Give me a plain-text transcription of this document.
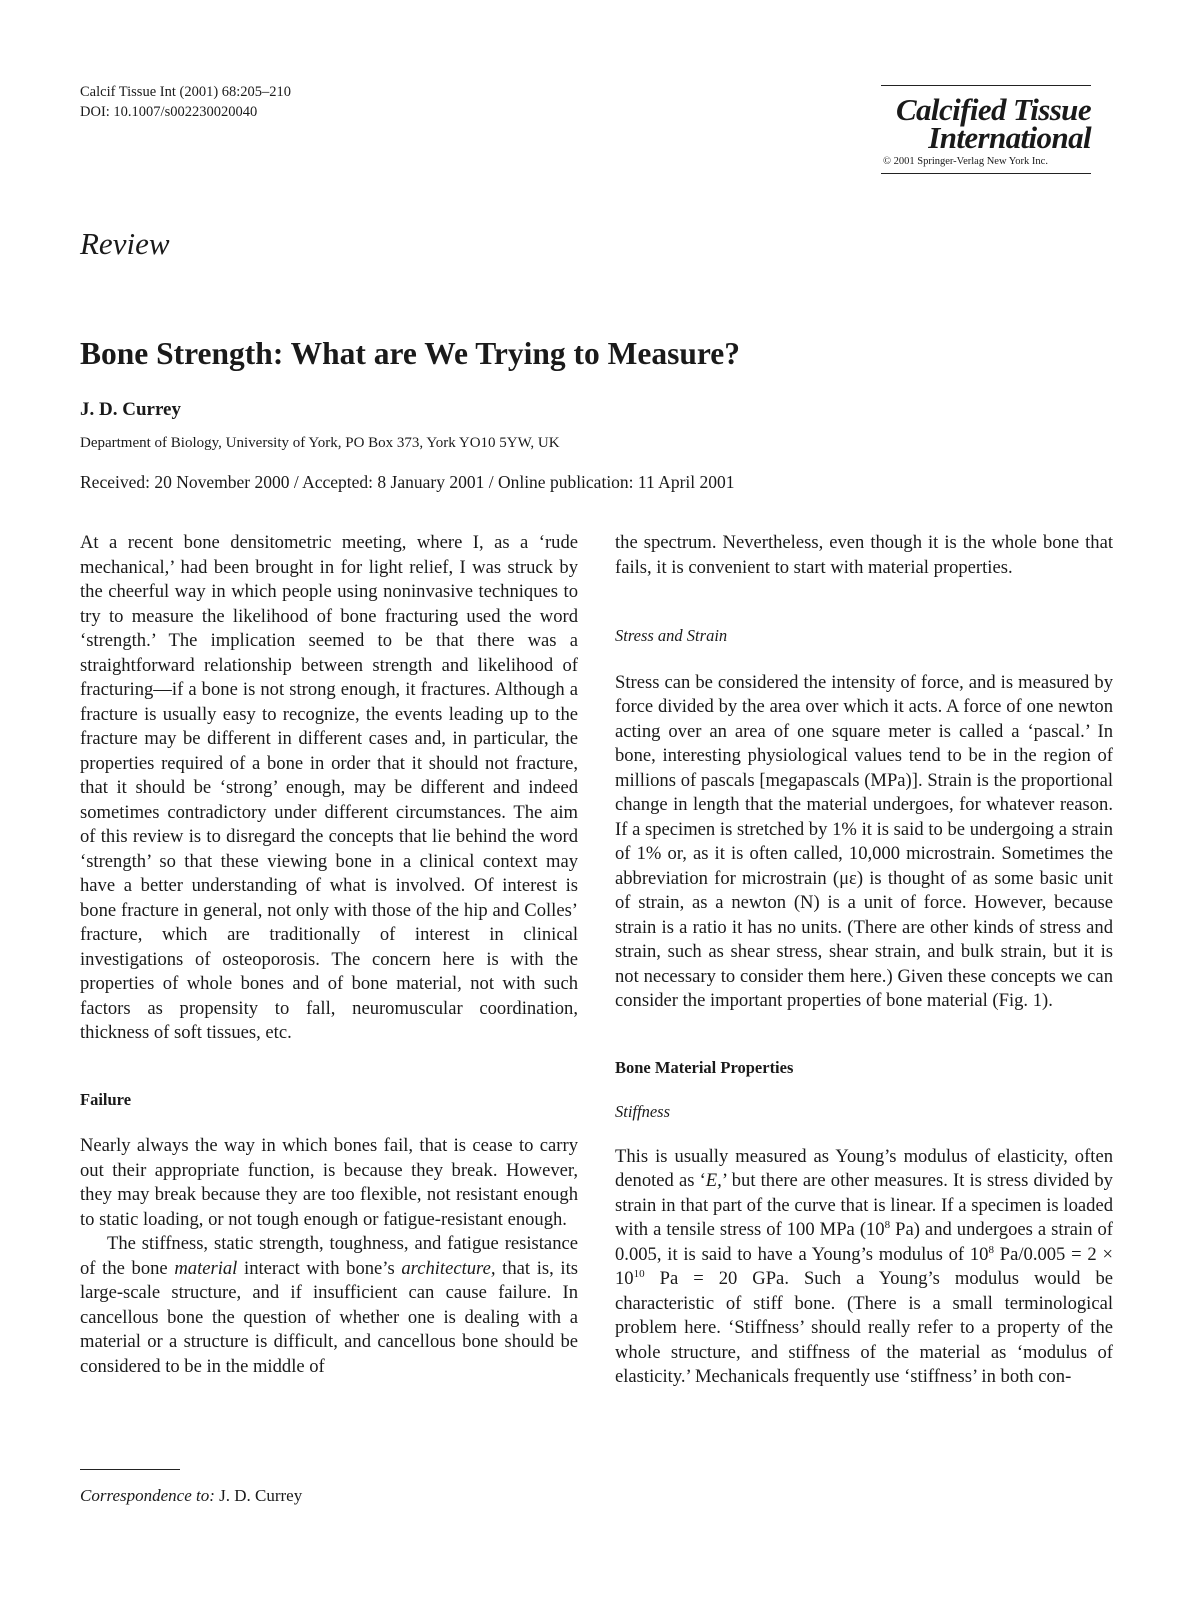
Calcif Tissue Int (2001) 68:205–210
DOI: 10.1007/s002230020040	Calcified Tissue
International
© 2001 Springer-Verlag New York Inc.
Review
Bone Strength: What are We Trying to Measure?
J. D. Currey
Department of Biology, University of York, PO Box 373, York YO10 5YW, UK
Received: 20 November 2000 / Accepted: 8 January 2001 / Online publication: 11 April 2001

At a recent bone densitometric meeting, where I, as a ‘rude mechanical,’ had been brought in for light relief, I was struck by the cheerful way in which people using noninvasive techniques to try to measure the likelihood of bone fracturing used the word ‘strength.’ The implication seemed to be that there was a straightforward relationship between strength and likelihood of fracturing—if a bone is not strong enough, it fractures. Although a fracture is usually easy to recognize, the events leading up to the fracture may be different in different cases and, in particular, the properties required of a bone in order that it should not fracture, that it should be ‘strong’ enough, may be different and indeed sometimes contradictory under different circumstances. The aim of this review is to disregard the concepts that lie behind the word ‘strength’ so that these viewing bone in a clinical context may have a better understanding of what is involved. Of interest is bone fracture in general, not only with those of the hip and Colles’ fracture, which are traditionally of interest in clinical investigations of osteoporosis. The concern here is with the properties of whole bones and of bone material, not with such factors as propensity to fall, neuromuscular coordination, thickness of soft tissues, etc.

Failure

Nearly always the way in which bones fail, that is cease to carry out their appropriate function, is because they break. However, they may break because they are too flexible, not resistant enough to static loading, or not tough enough or fatigue-resistant enough.

The stiffness, static strength, toughness, and fatigue resistance of the bone material interact with bone’s architecture, that is, its large-scale structure, and if insufficient can cause failure. In cancellous bone the question of whether one is dealing with a material or a structure is difficult, and cancellous bone should be considered to be in the middle of

the spectrum. Nevertheless, even though it is the whole bone that fails, it is convenient to start with material properties.

Stress and Strain

Stress can be considered the intensity of force, and is measured by force divided by the area over which it acts. A force of one newton acting over an area of one square meter is called a ‘pascal.’ In bone, interesting physiological values tend to be in the region of millions of pascals [megapascals (MPa)]. Strain is the proportional change in length that the material undergoes, for whatever reason. If a specimen is stretched by 1% it is said to be undergoing a strain of 1% or, as it is often called, 10,000 microstrain. Sometimes the abbreviation for microstrain (με) is thought of as some basic unit of strain, as a newton (N) is a unit of force. However, because strain is a ratio it has no units. (There are other kinds of stress and strain, such as shear stress, shear strain, and bulk strain, but it is not necessary to consider them here.) Given these concepts we can consider the important properties of bone material (Fig. 1).

Bone Material Properties

Stiffness

This is usually measured as Young’s modulus of elasticity, often denoted as ‘E,’ but there are other measures. It is stress divided by strain in that part of the curve that is linear. If a specimen is loaded with a tensile stress of 100 MPa ($10^8$ Pa) and undergoes a strain of 0.005, it is said to have a Young’s modulus of $10^8$ $Pa/0.005 = 2 \times 10^{10}$ Pa = 20 GPa. Such a Young’s modulus would be characteristic of stiff bone. (There is a small terminological problem here. ‘Stiffness’ should really refer to a property of the whole structure, and stiffness of the material as ‘modulus of elasticity.’ Mechanicals frequently use ‘stiffness’ in both con-

Correspondence to: J. D. Currey
